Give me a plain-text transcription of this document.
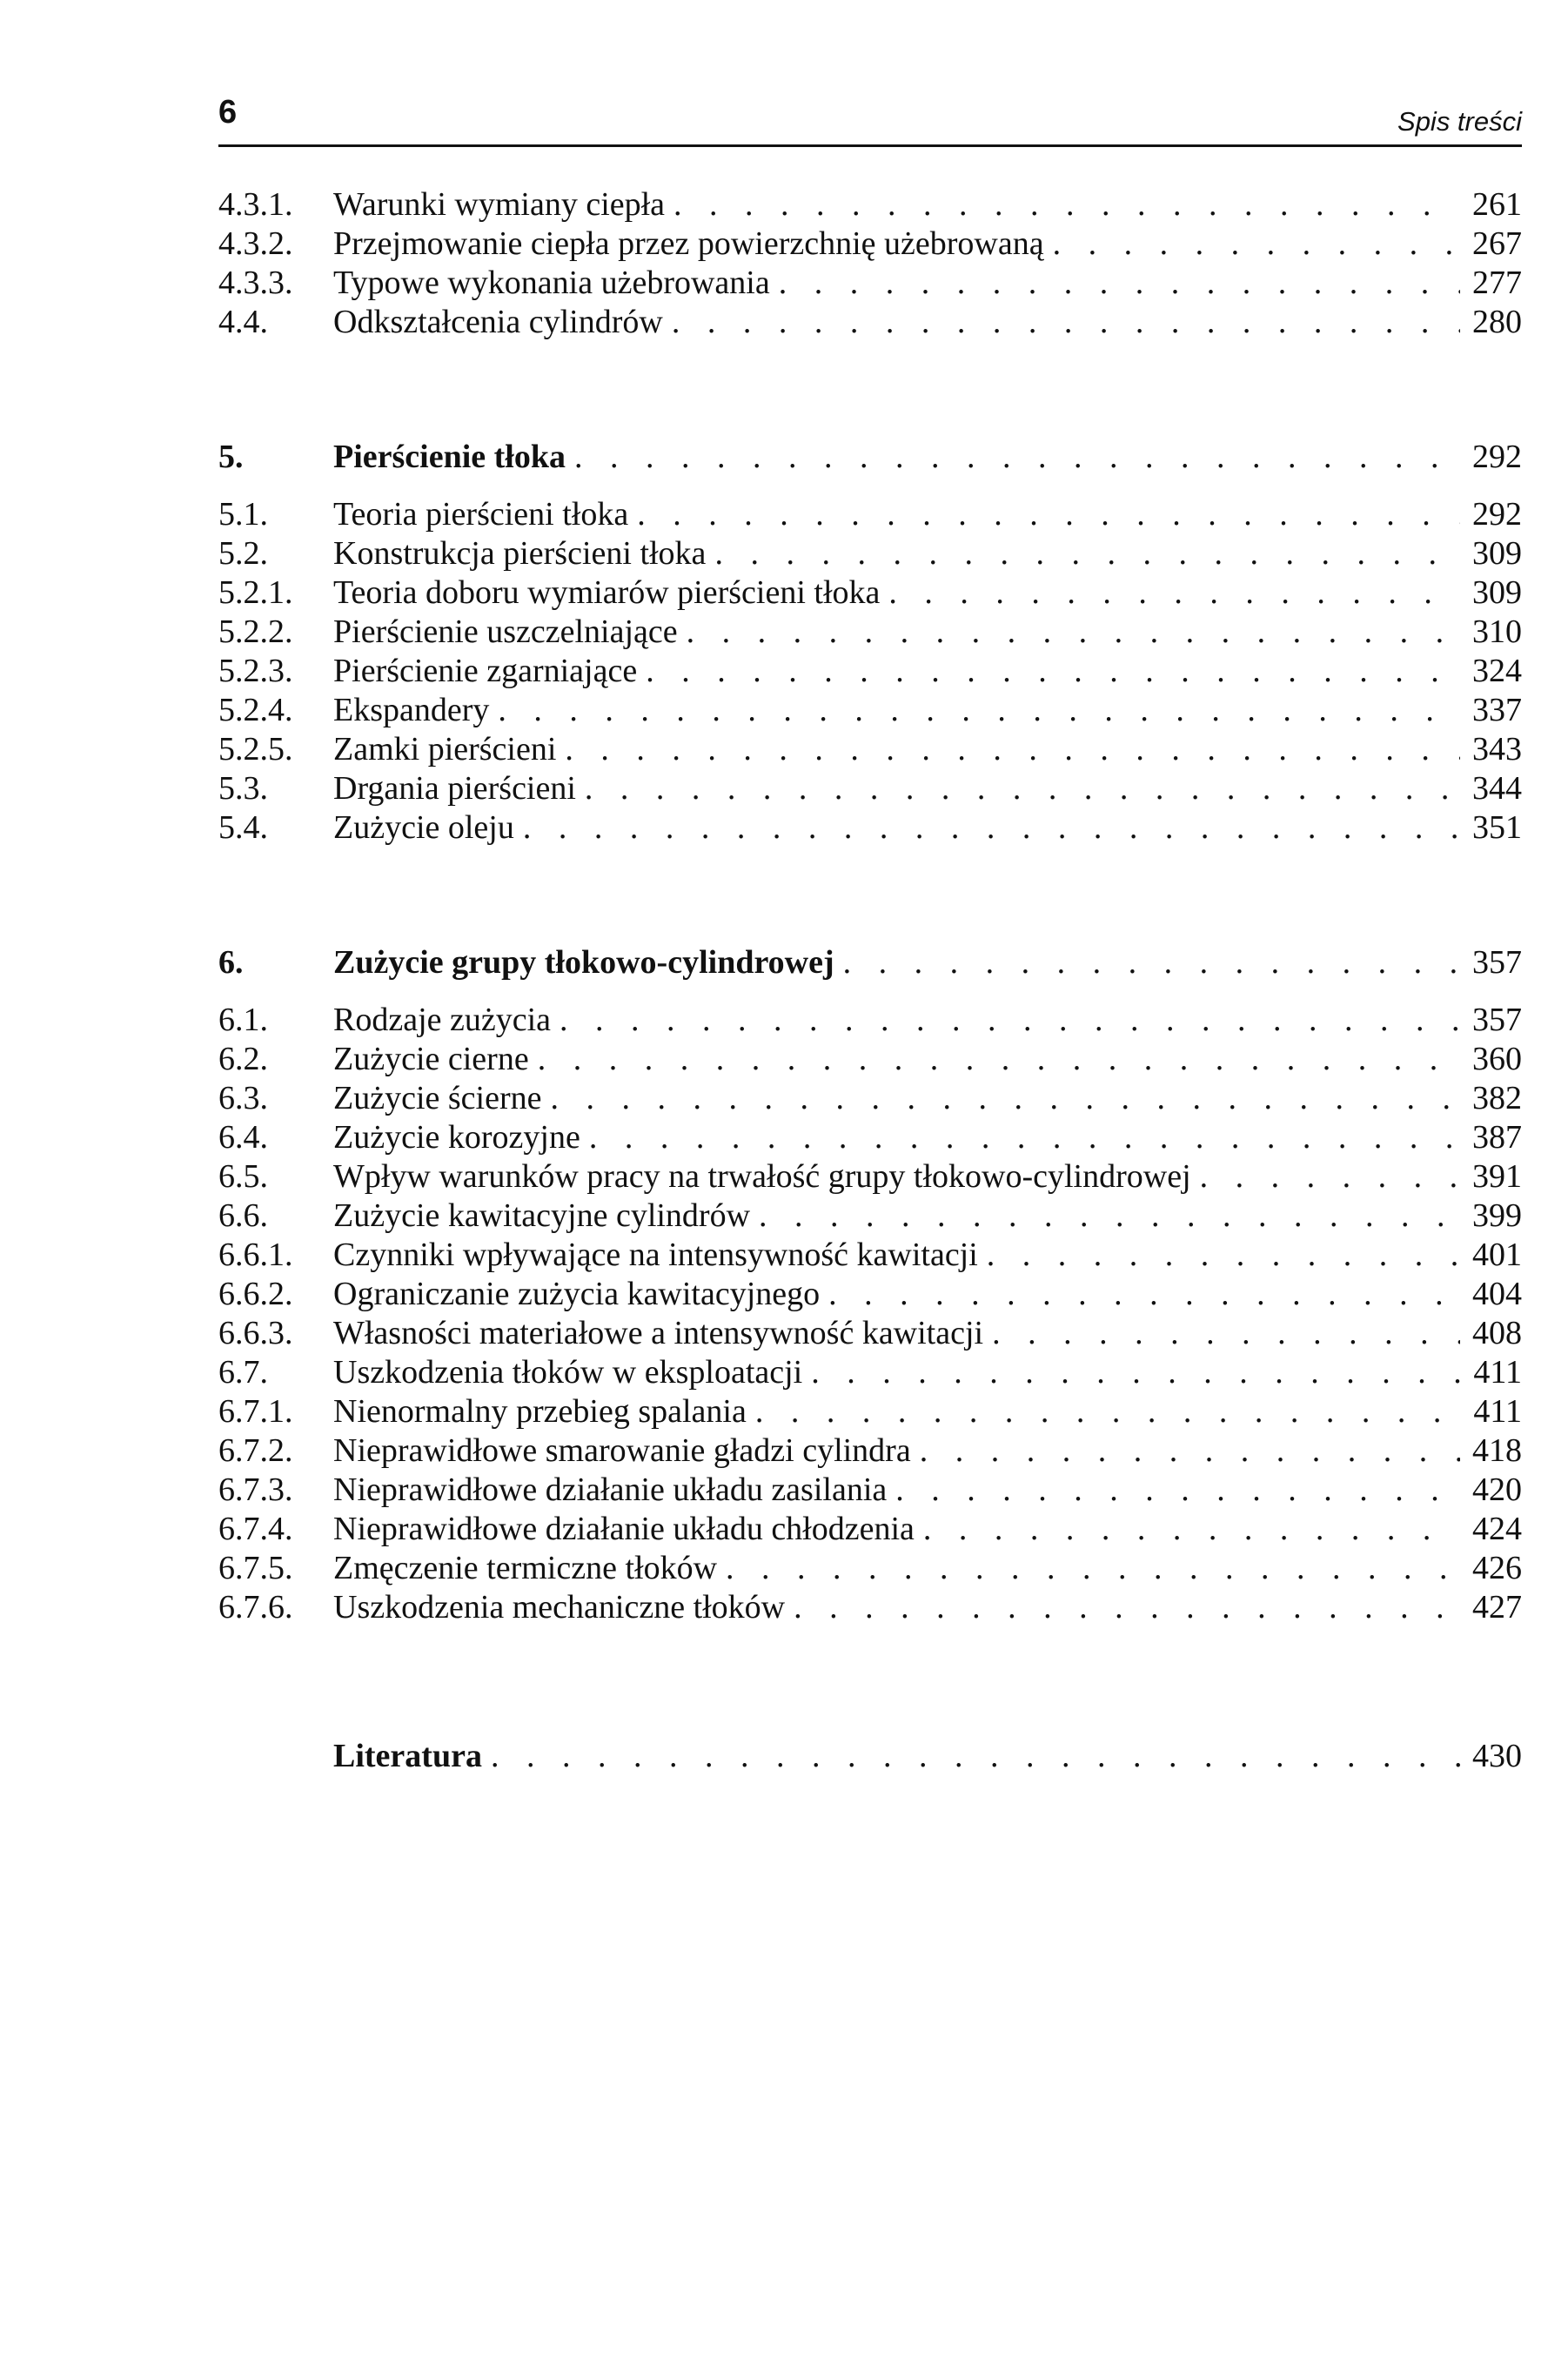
6	Spis treści
4.3.1.	Warunki wymiany ciepła . . .	261
4.3.2.	Przejmowanie ciepła przez powierzchnię użebrowaną . . .	267
4.3.3.	Typowe wykonania użebrowania . . .	277
4.4.	Odkształcenia cylindrów . . .	280
5.	Pierścienie tłoka . . .	292
5.1.	Teoria pierścieni tłoka . . .	292
5.2.	Konstrukcja pierścieni tłoka . . .	309
5.2.1.	Teoria doboru wymiarów pierścieni tłoka . . .	309
5.2.2.	Pierścienie uszczelniające . . .	310
5.2.3.	Pierścienie zgarniające . . .	324
5.2.4.	Ekspandery . . .	337
5.2.5.	Zamki pierścieni . . .	343
5.3.	Drgania pierścieni . . .	344
5.4.	Zużycie oleju . . .	351
6.	Zużycie grupy tłokowo-cylindrowej . . .	357
6.1.	Rodzaje zużycia . . .	357
6.2.	Zużycie cierne . . .	360
6.3.	Zużycie ścierne . . .	382
6.4.	Zużycie korozyjne . . .	387
6.5.	Wpływ warunków pracy na trwałość grupy tłokowo-cylindrowej . . .	391
6.6.	Zużycie kawitacyjne cylindrów . . .	399
6.6.1.	Czynniki wpływające na intensywność kawitacji . . .	401
6.6.2.	Ograniczanie zużycia kawitacyjnego . . .	404
6.6.3.	Własności materiałowe a intensywność kawitacji . . .	408
6.7.	Uszkodzenia tłoków w eksploatacji . . .	411
6.7.1.	Nienormalny przebieg spalania . . .	411
6.7.2.	Nieprawidłowe smarowanie gładzi cylindra . . .	418
6.7.3.	Nieprawidłowe działanie układu zasilania . . .	420
6.7.4.	Nieprawidłowe działanie układu chłodzenia . . .	424
6.7.5.	Zmęczenie termiczne tłoków . . .	426
6.7.6.	Uszkodzenia mechaniczne tłoków . . .	427
Literatura . . .	430
